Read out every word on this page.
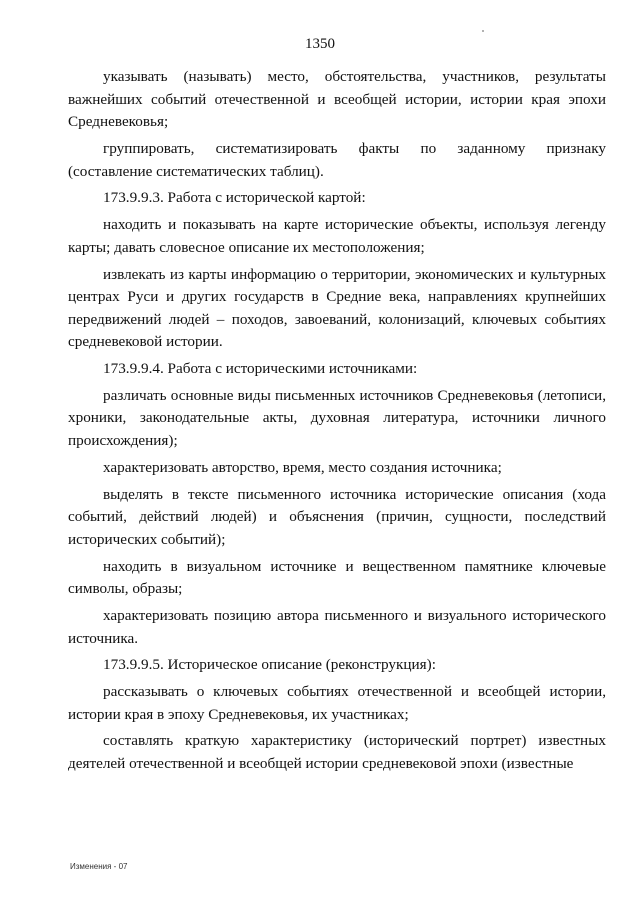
1350

указывать (называть) место, обстоятельства, участников, результаты важнейших событий отечественной и всеобщей истории, истории края эпохи Средневековья;

группировать, систематизировать факты по заданному признаку (составление систематических таблиц).

173.9.9.3. Работа с исторической картой:

находить и показывать на карте исторические объекты, используя легенду карты; давать словесное описание их местоположения;

извлекать из карты информацию о территории, экономических и культурных центрах Руси и других государств в Средние века, направлениях крупнейших передвижений людей – походов, завоеваний, колонизаций, ключевых событиях средневековой истории.

173.9.9.4. Работа с историческими источниками:

различать основные виды письменных источников Средневековья (летописи, хроники, законодательные акты, духовная литература, источники личного происхождения);

характеризовать авторство, время, место создания источника;

выделять в тексте письменного источника исторические описания (хода событий, действий людей) и объяснения (причин, сущности, последствий исторических событий);

находить в визуальном источнике и вещественном памятнике ключевые символы, образы;

характеризовать позицию автора письменного и визуального исторического источника.

173.9.9.5. Историческое описание (реконструкция):

рассказывать о ключевых событиях отечественной и всеобщей истории, истории края в эпоху Средневековья, их участниках;

составлять краткую характеристику (исторический портрет) известных деятелей отечественной и всеобщей истории средневековой эпохи (известные

Изменения - 07
